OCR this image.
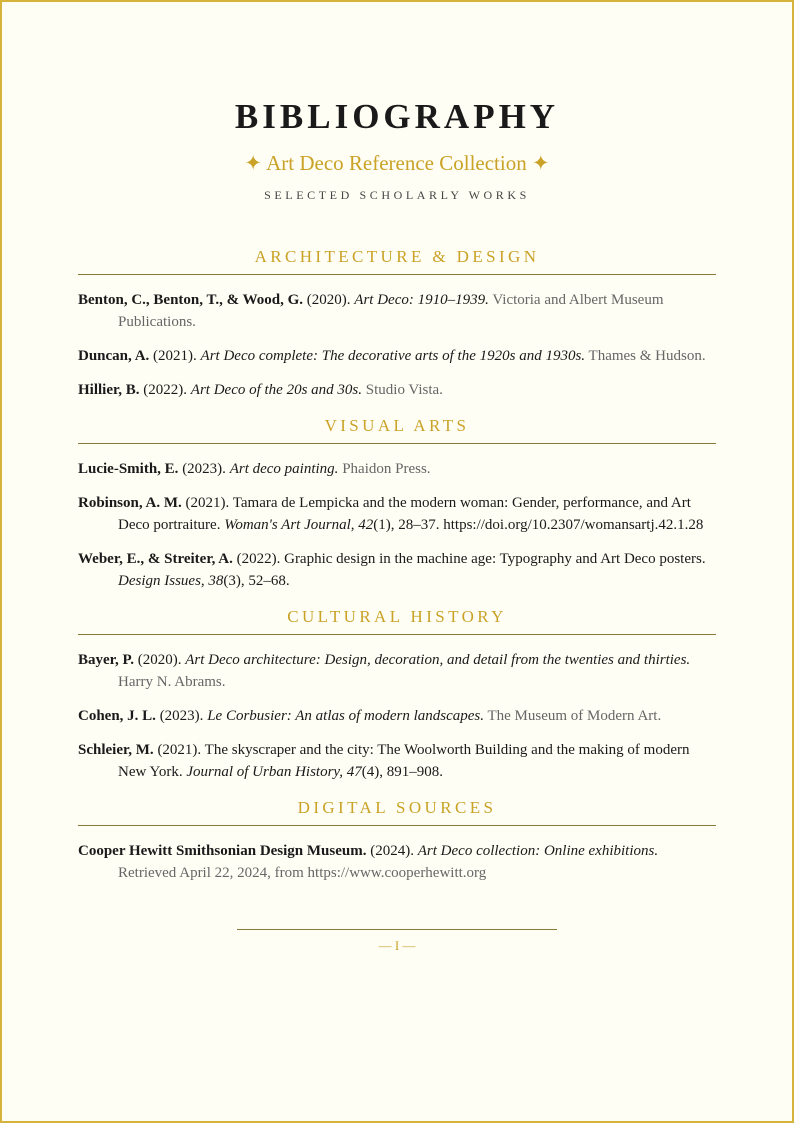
BIBLIOGRAPHY
✦ Art Deco Reference Collection ✦
SELECTED SCHOLARLY WORKS
ARCHITECTURE & DESIGN
Benton, C., Benton, T., & Wood, G. (2020). Art Deco: 1910–1939. Victoria and Albert Museum Publications.
Duncan, A. (2021). Art Deco complete: The decorative arts of the 1920s and 1930s. Thames & Hudson.
Hillier, B. (2022). Art Deco of the 20s and 30s. Studio Vista.
VISUAL ARTS
Lucie-Smith, E. (2023). Art deco painting. Phaidon Press.
Robinson, A. M. (2021). Tamara de Lempicka and the modern woman: Gender, performance, and Art Deco portraiture. Woman's Art Journal, 42(1), 28–37. https://doi.org/10.2307/womansartj.42.1.28
Weber, E., & Streiter, A. (2022). Graphic design in the machine age: Typography and Art Deco posters. Design Issues, 38(3), 52–68.
CULTURAL HISTORY
Bayer, P. (2020). Art Deco architecture: Design, decoration, and detail from the twenties and thirties. Harry N. Abrams.
Cohen, J. L. (2023). Le Corbusier: An atlas of modern landscapes. The Museum of Modern Art.
Schleier, M. (2021). The skyscraper and the city: The Woolworth Building and the making of modern New York. Journal of Urban History, 47(4), 891–908.
DIGITAL SOURCES
Cooper Hewitt Smithsonian Design Museum. (2024). Art Deco collection: Online exhibitions. Retrieved April 22, 2024, from https://www.cooperhewitt.org
— I —
